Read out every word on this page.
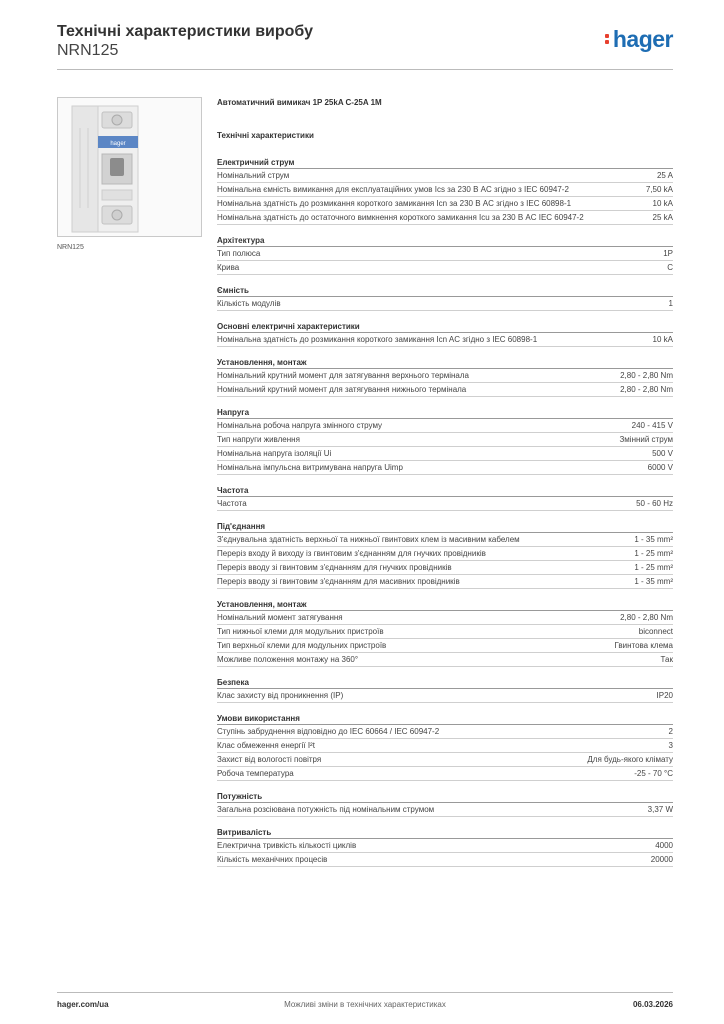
Технічні характеристики виробу
NRN125	hager
hager
NRN125
Автоматичний вимикач 1P 25kA C-25A 1M
Технічні характеристики
Електричний струм
Номінальний струм	25 A
Номінальна ємність вимикання для експлуатаційних умов Ics за 230 В AC згідно з IEC 60947-2	7,50 kA
Номінальна здатність до розмикання короткого замикання Icn за 230 В AC згідно з IEC 60898-1	10 kA
Номінальна здатність до остаточного вимкнення короткого замикання Icu за 230 В AC IEC 60947-2	25 kA
Архітектура
Тип полюса	1P
Крива	C
Ємність
Кількість модулів	1
Основні електричні характеристики
Номінальна здатність до розмикання короткого замикання Icn AC згідно з IEC 60898-1	10 kA
Установлення, монтаж
Номінальний крутний момент для затягування верхнього термінала	2,80 - 2,80 Nm
Номінальний крутний момент для затягування нижнього термінала	2,80 - 2,80 Nm
Напруга
Номінальна робоча напруга змінного струму	240 - 415 V
Тип напруги живлення	Змінний струм
Номінальна напруга ізоляції Ui	500 V
Номінальна імпульсна витримувана напруга Uimp	6000 V
Частота
Частота	50 - 60 Hz
Під'єднання
З'єднувальна здатність верхньої та нижньої гвинтових клем із масивним кабелем	1 - 35 mm²
Переріз входу й виходу із гвинтовим з'єднанням для гнучких провідників	1 - 25 mm²
Переріз вводу зі гвинтовим з'єднанням для гнучких провідників	1 - 25 mm²
Переріз вводу зі гвинтовим з'єднанням для масивних провідників	1 - 35 mm²
Установлення, монтаж
Номінальний момент затягування	2,80 - 2,80 Nm
Тип нижньої клеми для модульних пристроїв	biconnect
Тип верхньої клеми для модульних пристроїв	Гвинтова клема
Можливе положення монтажу на 360°	Так
Безпека
Клас захисту від проникнення (IP)	IP20
Умови використання
Ступінь забруднення відповідно до IEC 60664 / IEC 60947-2	2
Клас обмеження енергії I²t	3
Захист від вологості повітря	Для будь-якого клімату
Робоча температура	-25 - 70 °C
Потужність
Загальна розсіювана потужність під номінальним струмом	3,37 W
Витривалість
Електрична тривкість кількості циклів	4000
Кількість механічних процесів	20000
hager.com/ua	Можливі зміни в технічних характеристиках	06.03.2026
